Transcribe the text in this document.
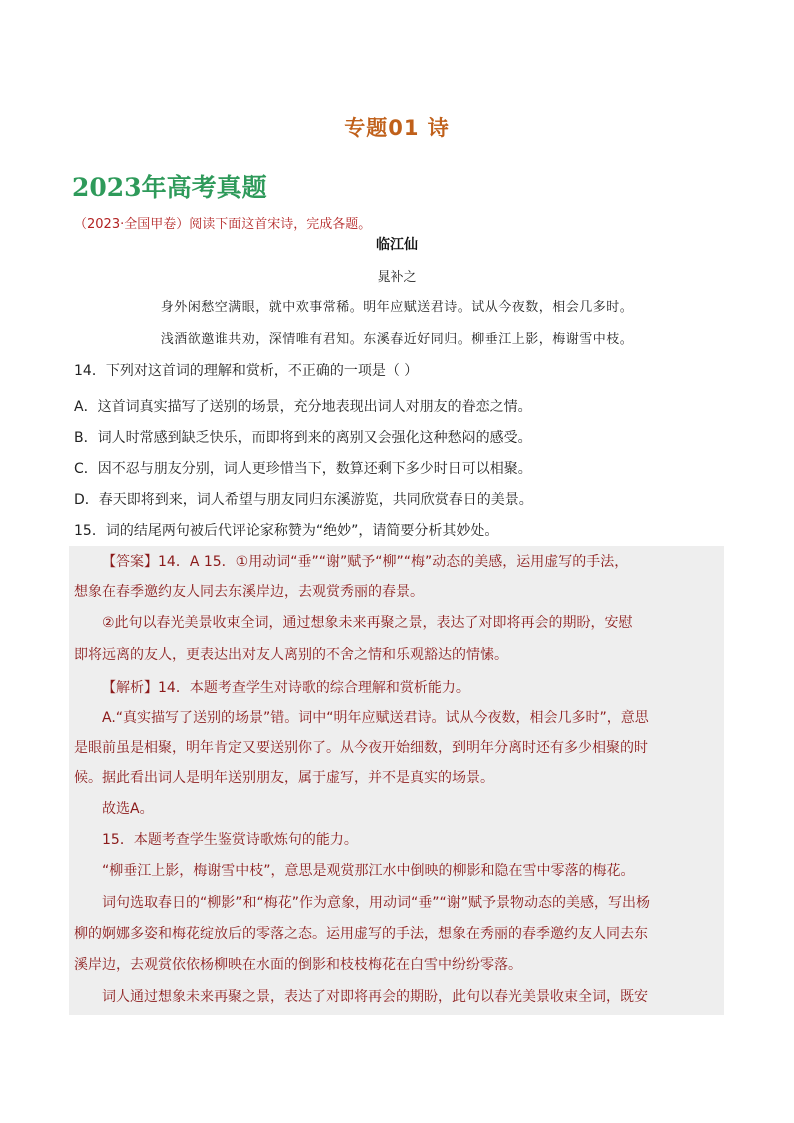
专题01 诗
2023年高考真题
（2023·全国甲卷）阅读下面这首宋诗，完成各题。
临江仙
晁补之
身外闲愁空满眼，就中欢事常稀。明年应赋送君诗。试从今夜数，相会几多时。
浅酒欲邀谁共劝，深情唯有君知。东溪春近好同归。柳垂江上影，梅谢雪中枝。
14．下列对这首词的理解和赏析，不正确的一项是（ ）
A．这首词真实描写了送别的场景，充分地表现出词人对朋友的眷恋之情。
B．词人时常感到缺乏快乐，而即将到来的离别又会强化这种愁闷的感受。
C．因不忍与朋友分别，词人更珍惜当下，数算还剩下多少时日可以相聚。
D．春天即将到来，词人希望与朋友同归东溪游览，共同欣赏春日的美景。
15．词的结尾两句被后代评论家称赞为“绝妙”，请简要分析其妙处。
【答案】14．A 15．①用动词“垂”“谢”赋予“柳”“梅”动态的美感，运用虚写的手法，
想象在春季邀约友人同去东溪岸边，去观赏秀丽的春景。
②此句以春光美景收束全词，通过想象未来再聚之景，表达了对即将再会的期盼，安慰
即将远离的友人，更表达出对友人离别的不舍之情和乐观豁达的情愫。
【解析】14．本题考查学生对诗歌的综合理解和赏析能力。
A.“真实描写了送别的场景”错。词中“明年应赋送君诗。试从今夜数，相会几多时”，意思
是眼前虽是相聚，明年肯定又要送别你了。从今夜开始细数，到明年分离时还有多少相聚的时
候。据此看出词人是明年送别朋友，属于虚写，并不是真实的场景。
故选A。
15．本题考查学生鉴赏诗歌炼句的能力。
“柳垂江上影，梅谢雪中枝”，意思是观赏那江水中倒映的柳影和隐在雪中零落的梅花。
词句选取春日的“柳影”和“梅花”作为意象，用动词“垂”“谢”赋予景物动态的美感，写出杨
柳的婀娜多姿和梅花绽放后的零落之态。运用虚写的手法，想象在秀丽的春季邀约友人同去东
溪岸边，去观赏依依杨柳映在水面的倒影和枝枝梅花在白雪中纷纷零落。
词人通过想象未来再聚之景，表达了对即将再会的期盼，此句以春光美景收束全词，既安
